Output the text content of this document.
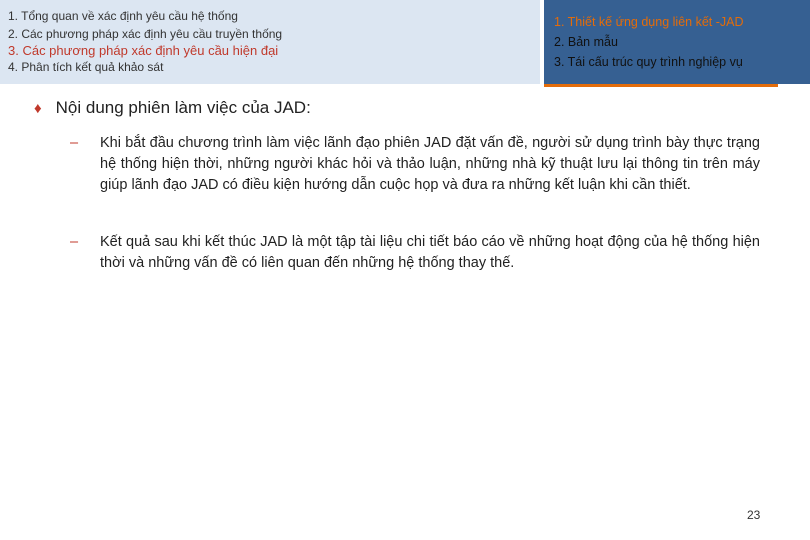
1. Tổng quan về xác định yêu cầu hệ thống
2. Các phương pháp xác định yêu cầu truyền thống
3. Các phương pháp xác định yêu cầu hiện đại
4. Phân tích kết quả khảo sát
1. Thiết kế ứng dụng liên kết -JAD
2. Bản mẫu
3. Tái cấu trúc quy trình nghiệp vụ
♦ Nội dung phiên làm việc của JAD:
– Khi bắt đầu chương trình làm việc lãnh đạo phiên JAD đặt vấn đề, người sử dụng trình bày thực trạng hệ thống hiện thời, những người khác hỏi và thảo luận, những nhà kỹ thuật lưu lại thông tin trên máy giúp lãnh đạo JAD có điều kiện hướng dẫn cuộc họp và đưa ra những kết luận khi cần thiết.
– Kết quả sau khi kết thúc JAD là một tập tài liệu chi tiết báo cáo về những hoạt động của hệ thống hiện thời và những vấn đề có liên quan đến những hệ thống thay thế.
23
